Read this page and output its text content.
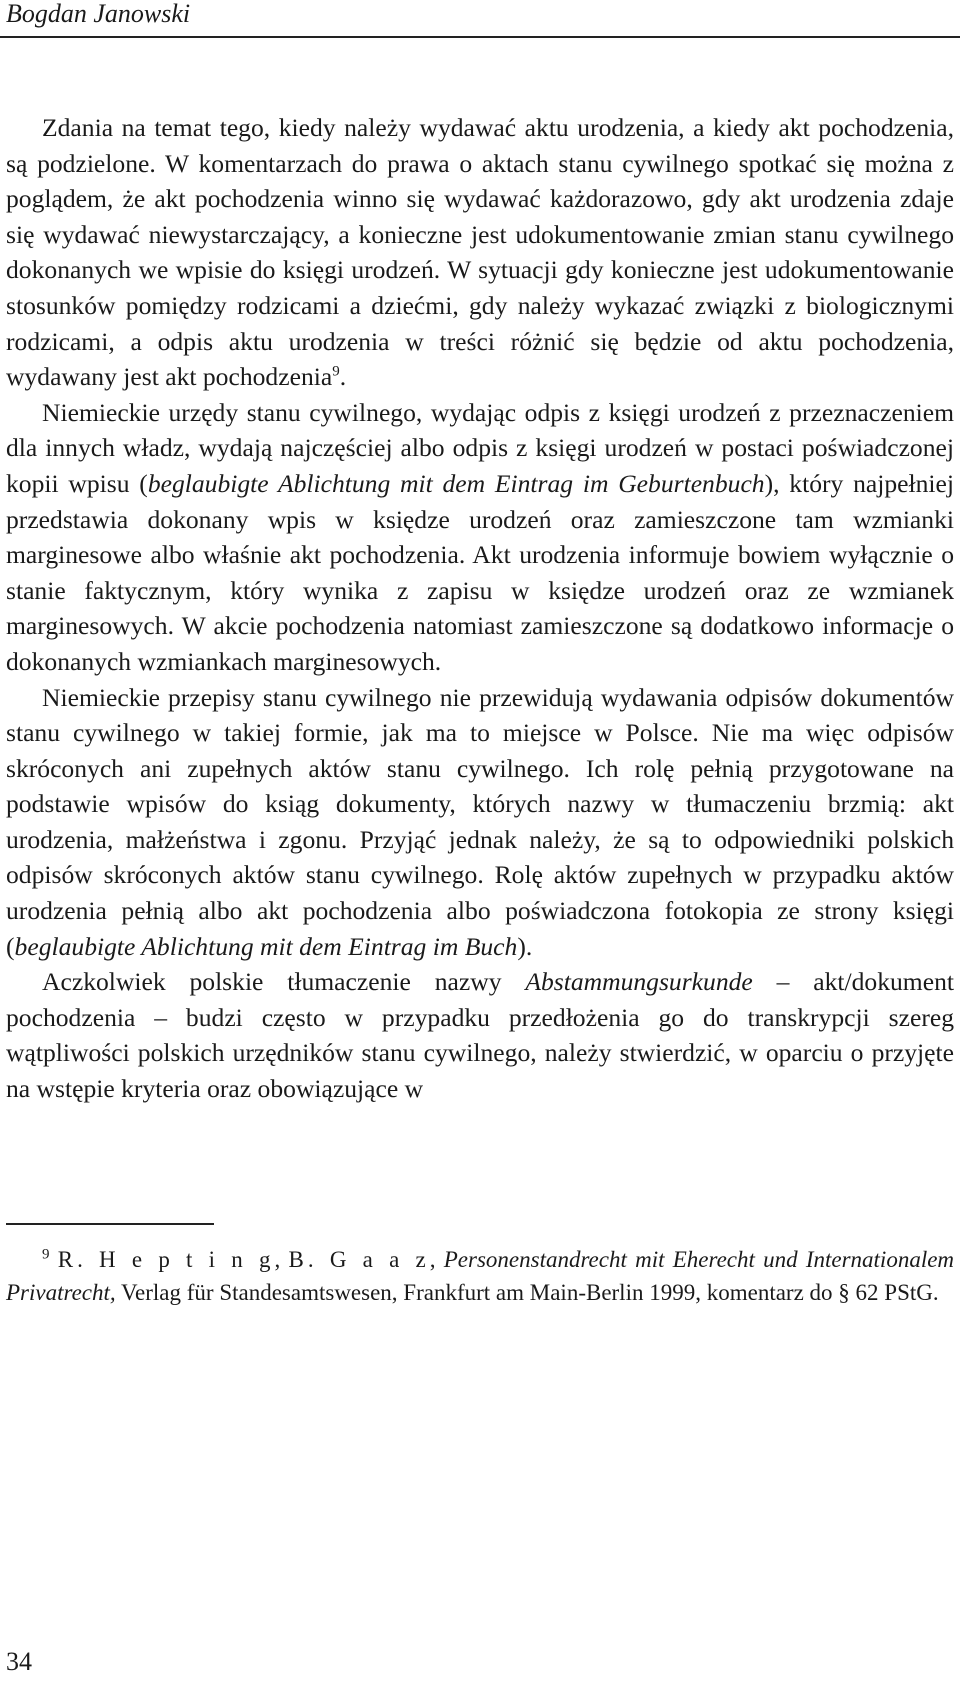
Bogdan Janowski

Zdania na temat tego, kiedy należy wydawać aktu urodzenia, a kiedy akt pochodzenia, są podzielone. W komentarzach do prawa o aktach stanu cywilnego spotkać się można z poglądem, że akt pochodzenia winno się wydawać każdorazowo, gdy akt urodzenia zdaje się wydawać niewystarczający, a konieczne jest udokumentowanie zmian stanu cywilnego dokonanych we wpisie do księgi urodzeń. W sytuacji gdy konieczne jest udokumentowanie stosunków pomiędzy rodzicami a dziećmi, gdy należy wykazać związki z biologicznymi rodzicami, a odpis aktu urodzenia w treści różnić się będzie od aktu pochodzenia, wydawany jest akt pochodzenia$^9$.

Niemieckie urzędy stanu cywilnego, wydając odpis z księgi urodzeń z przeznaczeniem dla innych władz, wydają najczęściej albo odpis z księgi urodzeń w postaci poświadczonej kopii wpisu (beglaubigte Ablichtung mit dem Eintrag im Geburtenbuch), który najpełniej przedstawia dokonany wpis w księdze urodzeń oraz zamieszczone tam wzmianki marginesowe albo właśnie akt pochodzenia. Akt urodzenia informuje bowiem wyłącznie o stanie faktycznym, który wynika z zapisu w księdze urodzeń oraz ze wzmianek marginesowych. W akcie pochodzenia natomiast zamieszczone są dodatkowo informacje o dokonanych wzmiankach marginesowych.

Niemieckie przepisy stanu cywilnego nie przewidują wydawania odpisów dokumentów stanu cywilnego w takiej formie, jak ma to miejsce w Polsce. Nie ma więc odpisów skróconych ani zupełnych aktów stanu cywilnego. Ich rolę pełnią przygotowane na podstawie wpisów do ksiąg dokumenty, których nazwy w tłumaczeniu brzmią: akt urodzenia, małżeństwa i zgonu. Przyjąć jednak należy, że są to odpowiedniki polskich odpisów skróconych aktów stanu cywilnego. Rolę aktów zupełnych w przypadku aktów urodzenia pełnią albo akt pochodzenia albo poświadczona fotokopia ze strony księgi (beglaubigte Ablichtung mit dem Eintrag im Buch).

Aczkolwiek polskie tłumaczenie nazwy Abstammungsurkunde – akt/dokument pochodzenia – budzi często w przypadku przedłożenia go do transkrypcji szereg wątpliwości polskich urzędników stanu cywilnego, należy stwierdzić, w oparciu o przyjęte na wstępie kryteria oraz obowiązujące w

$^9$ R. H e p t i n g, B. G a a z, Personenstandrecht mit Eherecht und Internationalem Privatrecht, Verlag für Standesamtswesen, Frankfurt am Main-Berlin 1999, komentarz do § 62 PStG.

34
